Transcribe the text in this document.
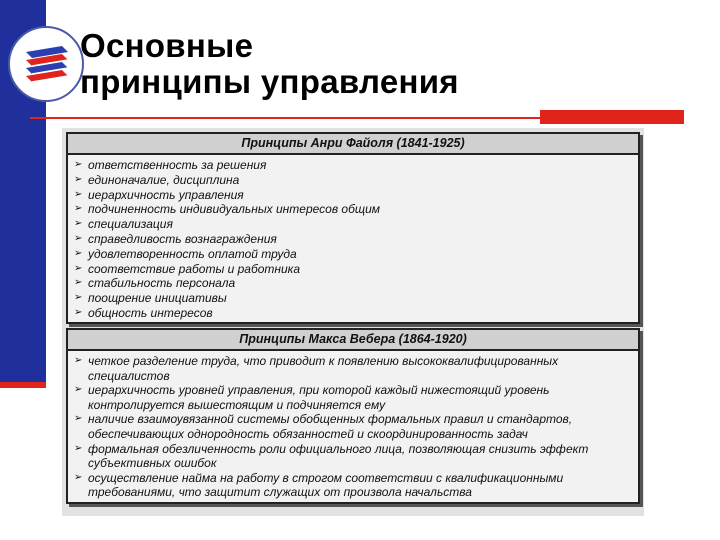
Основные
принципы управления
Принципы Анри Файоля (1841-1925)
➢ ответственность за решения
➢ единоначалие, дисциплина
➢ иерархичность управления
➢ подчиненность индивидуальных интересов общим
➢ специализация
➢ справедливость вознаграждения
➢ удовлетворенность оплатой труда
➢ соответствие работы и работника
➢ стабильность персонала
➢ поощрение инициативы
➢ общность интересов
Принципы Макса Вебера (1864-1920)
➢ четкое разделение труда, что приводит к появлению высококвалифицированных специалистов
➢ иерархичность уровней управления, при которой каждый нижестоящий уровень контролируется вышестоящим и подчиняется ему
➢ наличие взаимоувязанной системы обобщенных формальных правил и стандартов, обеспечивающих однородность обязанностей и скоординированность задач
➢ формальная обезличенность роли официального лица, позволяющая снизить эффект субъективных ошибок
➢ осуществление найма на работу в строгом соответствии с квалификационными требованиями, что защитит служащих от произвола начальства
